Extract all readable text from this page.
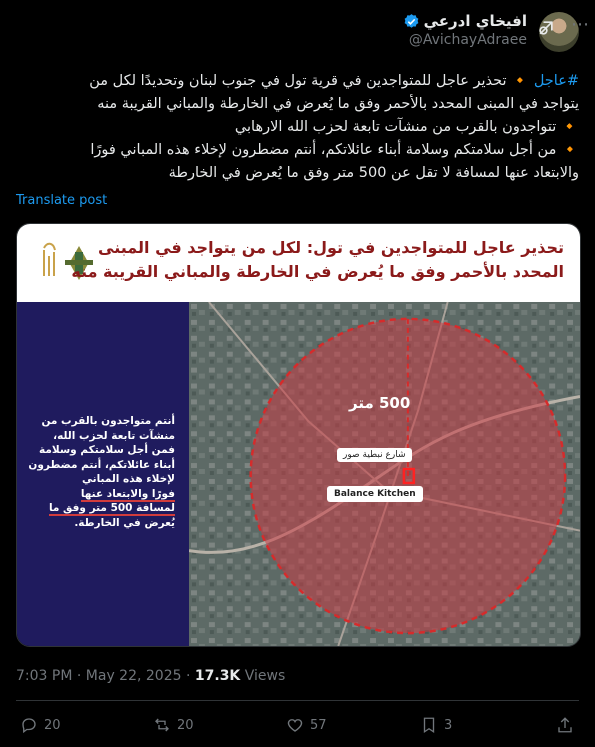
افيخاي ادرعي
@AvichayAdraee
⋯
#عاجل 🔸 تحذير عاجل للمتواجدين في قرية تول في جنوب لبنان وتحديدًا لكل من
يتواجد في المبنى المحدد بالأحمر وفق ما يُعرض في الخارطة والمباني القريبة منه
🔸 تتواجدون بالقرب من منشآت تابعة لحزب الله الارهابي
🔸 من أجل سلامتكم وسلامة أبناء عائلاتكم، أنتم مضطرون لإخلاء هذه المباني فورًا
والابتعاد عنها لمسافة لا تقل عن 500 متر وفق ما يُعرض في الخارطة
Translate post
تحذير عاجل للمتواجدين في تول: لكل من يتواجد في المبنى
المحدد بالأحمر وفق ما يُعرض في الخارطة والمباني القريبة منه
أنتم متواجدون بالقرب من
منشآت تابعة لحزب الله،
فمن أجل سلامتكم وسلامة
أبناء عائلاتكم، أنتم مضطرون
لإخلاء هذه المباني
فورًا والابتعاد عنها
لمسافة 500 متر وفق ما
يُعرض في الخارطة.
500 متر
شارع نبطية صور
Balance Kitchen
7:03 PM · May 22, 2025 · 17.3K Views
20	20	57	3
